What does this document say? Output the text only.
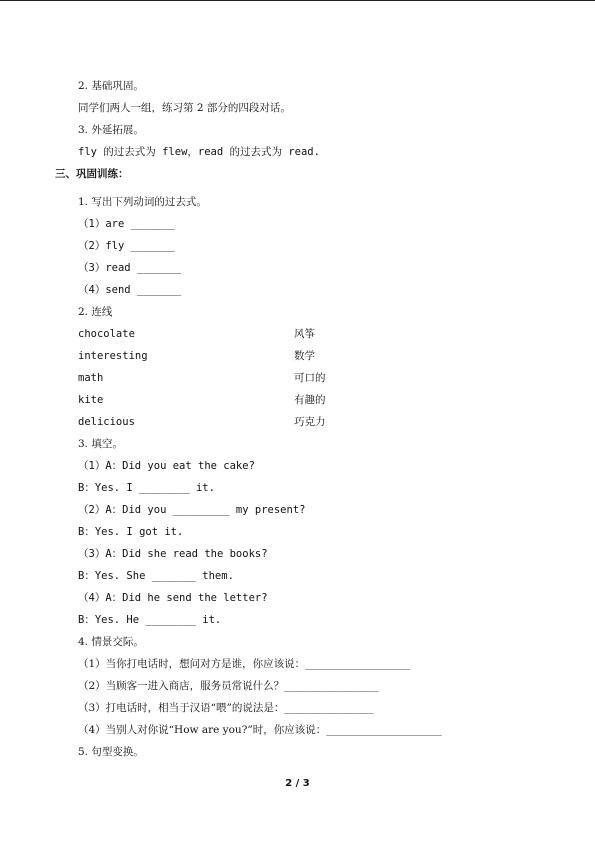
2. 基础巩固。
同学们两人一组，练习第 2 部分的四段对话。
3. 外延拓展。
fly 的过去式为 flew，read 的过去式为 read.
三、巩固训练：
1. 写出下列动词的过去式。
（1）are _______
（2）fly _______
（3）read _______
（4）send _______
2. 连线
chocolate	风筝
interesting	数学
math	可口的
kite	有趣的
delicious	巧克力
3. 填空。
（1）A：Did you eat the cake?
B：Yes. I ________ it.
（2）A：Did you _________ my present?
B：Yes. I got it.
（3）A：Did she read the books?
B：Yes. She _______ them.
（4）A：Did he send the letter?
B：Yes. He ________ it.
4. 情景交际。
（1）当你打电话时，想问对方是谁，你应该说：____________________
（2）当顾客一进入商店，服务员常说什么？__________________
（3）打电话时，相当于汉语“喂”的说法是：_________________
（4）当别人对你说“How are you?”时，你应该说：______________________
5. 句型变换。
2 / 3
